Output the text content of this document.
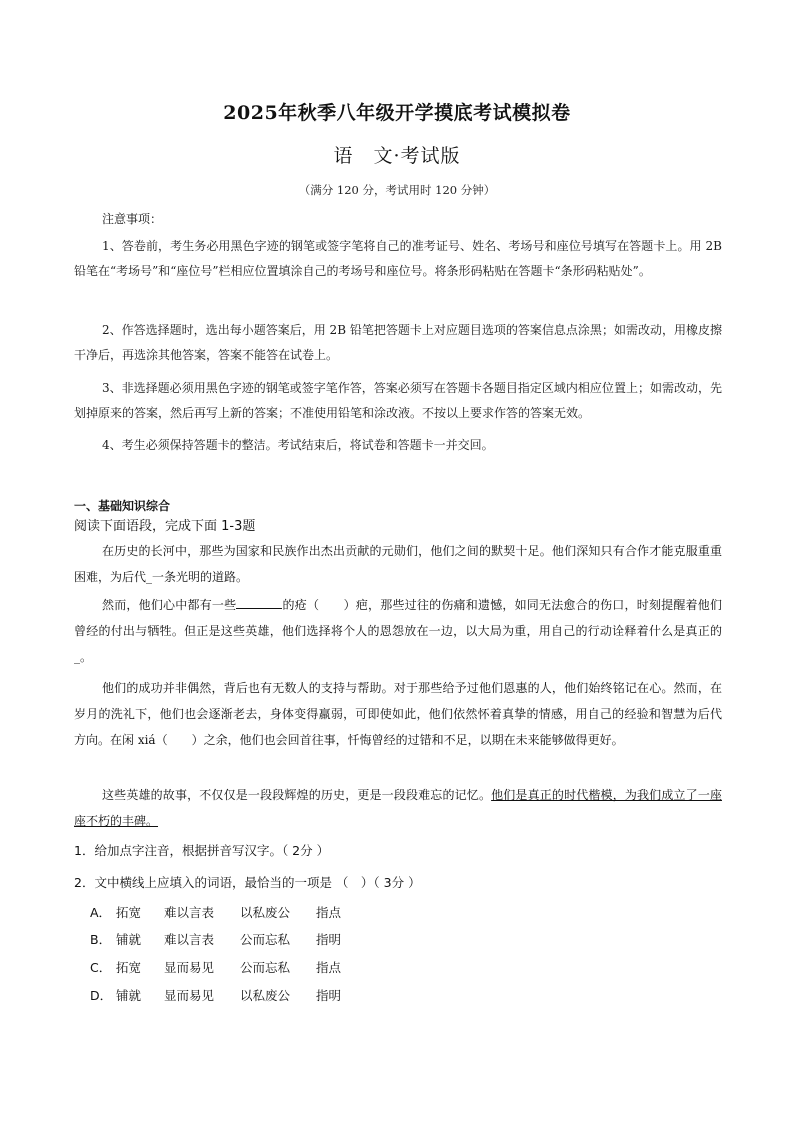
2025年秋季八年级开学摸底考试模拟卷
语　文·考试版
（满分 120 分，考试用时 120 分钟）
注意事项：
1、答卷前，考生务必用黑色字迹的钢笔或签字笔将自己的准考证号、姓名、考场号和座位号填写在答题卡上。用 2B 铅笔在“考场号”和“座位号”栏相应位置填涂自己的考场号和座位号。将条形码粘贴在答题卡“条形码粘贴处”。
2、作答选择题时，选出每小题答案后，用 2B 铅笔把答题卡上对应题目选项的答案信息点涂黑；如需改动，用橡皮擦干净后，再选涂其他答案，答案不能答在试卷上。
3、非选择题必须用黑色字迹的钢笔或签字笔作答，答案必须写在答题卡各题目指定区域内相应位置上；如需改动，先划掉原来的答案，然后再写上新的答案；不准使用铅笔和涂改液。不按以上要求作答的答案无效。
4、考生必须保持答题卡的整洁。考试结束后，将试卷和答题卡一并交回。
一、基础知识综合
阅读下面语段，完成下面 1-3题
在历史的长河中，那些为国家和民族作出杰出贡献的元勋们，他们之间的默契十足。他们深知只有合作才能克服重重困难，为后代_一条光明的道路。
然而，他们心中都有一些	的疮（　　）疤，那些过往的伤痛和遗憾，如同无法愈合的伤口，时刻提醒着他们曾经的付出与牺牲。但正是这些英雄，他们选择将个人的恩怨放在一边，以大局为重，用自己的行动诠释着什么是真正的_。
他们的成功并非偶然，背后也有无数人的支持与帮助。对于那些给予过他们恩惠的人，他们始终铭记在心。然而，在岁月的洗礼下，他们也会逐渐老去，身体变得羸弱，可即使如此，他们依然怀着真挚的情感，用自己的经验和智慧为后代 方向。在闲 xiá（　　）之余，他们也会回首往事，忏悔曾经的过错和不足，以期在未来能够做得更好。
这些英雄的故事，不仅仅是一段段辉煌的历史，更是一段段难忘的记忆。他们是真正的时代楷模，为我们成立了一座座不朽的丰碑。
1．给加点字注音，根据拼音写汉字。（ 2分 ）
2．文中横线上应填入的词语，最恰当的一项是 （　）（ 3分 ）
A． 拓宽	难以言表	以私废公	指点
B． 铺就	难以言表	公而忘私	指明
C． 拓宽	显而易见	公而忘私	指点
D． 铺就	显而易见	以私废公	指明
